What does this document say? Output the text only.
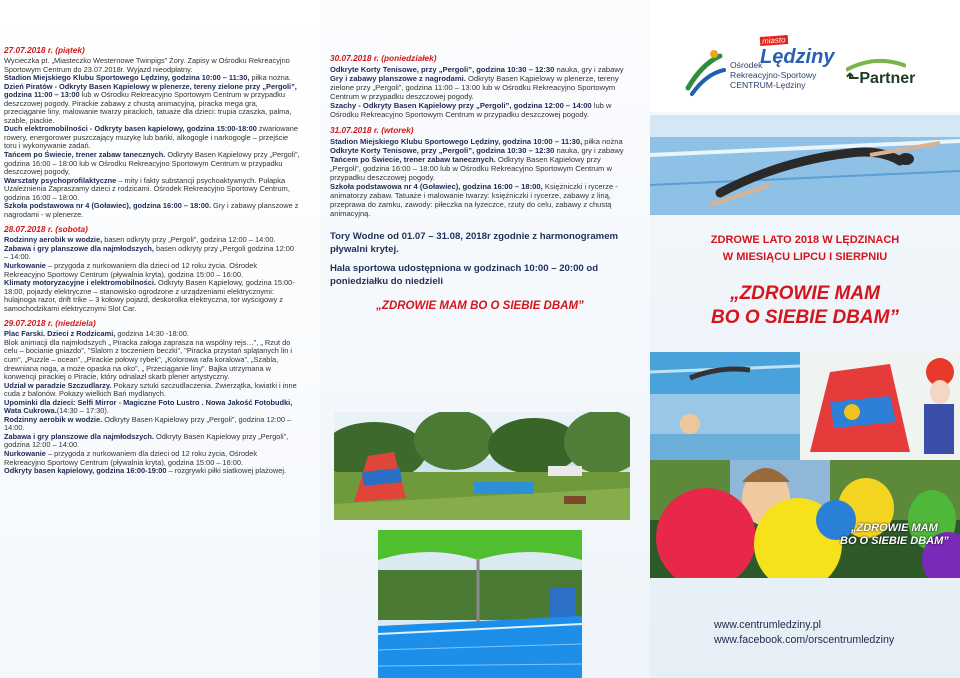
27.07.2018 r. (piątek)

Wycieczka pt. „Miasteczko Westernowe Twinpigs” Żory. Zapisy w Ośrodku Rekreacyjno Sportowym Centrum do 23.07.2018r. Wyjazd nieodpłatny.

Stadion Miejskiego Klubu Sportowego Lędziny, godzina 10:00 – 11:30, piłka nożna.

Dzień Piratów - Odkryty Basen Kąpielowy w plenerze, tereny zielone przy „Pergoli”, godzina 11:00 – 13:00 lub w Ośrodku Rekreacyjno Sportowym Centrum w przypadku deszczowej pogody. Pirackie zabawy z chustą animacyjną, piracka mega gra, przeciąganie liny, malowanie twarzy pirackich, tatuaże dla dzieci: trupia czaszka, palma, szable, piackie.

Duch elektromobilności - Odkryty basen kąpielowy, godzina 15:00-18:00 zwariowane rowery, energorower puszczający muzykę lub bańki, alkogogle i narkogogle – przejście toru i wykonywanie zadań.

Tańcem po Świecie, trener zabaw tanecznych. Odkryty Basen Kąpielowy przy „Pergoli”, godzina 16:00 – 18:00 lub w Ośrodku Rekreacyjno Sportowym Centrum w przypadku deszczowej pogody,

Warsztaty psychoprofilaktyczne – mity i fakty substancji psychoaktywnych. Pułapka Uzależnienia Zapraszamy dzieci z rodzicami. Ośrodek Rekreacyjno Sportowy Centrum, godzina 16:00 – 18:00.

Szkoła podstawowa nr 4 (Goławiec), godzina 16:00 – 18:00. Gry i zabawy planszowe z nagrodami - w plenerze.

28.07.2018 r. (sobota)

Rodzinny aerobik w wodzie, basen odkryty przy „Pergoli”, godzina 12:00 – 14:00.

Zabawa i gry planszowe dla najmłodszych, basen odkryty przy „Pergoli godzina 12:00 – 14:00.

Nurkowanie – przygoda z nurkowaniem dla dzieci od 12 roku życia. Ośrodek Rekreacyjno Sportowy Centrum (pływalnia kryta), godzina 15:00 – 16:00.

Klimaty motoryzacyjne i elektromobilności. Odkryty Basen Kąpielowy, godzina 15:00-18:00, pojazdy elektryczne – stanowisko ogrodzone z urządzeniami elektrycznymi: hulajnoga razor, drift trike – 3 kołowy pojazd, deskorolka elektryczna, tor wyścigowy z samochodzikami elektrycznymi Slot Car.

29.07.2018 r. (niedziela)

Plac Farski. Dzieci z Rodzicami, godzina 14:30 -18:00.

Blok animacji dla najmłodszych „ Piracka załoga zaprasza na wspólny rejs…”, „ Rzut do celu – bocianie gniazdo”, "Slalom z toczeniem beczki", "Piracka przystań splątanych lin i cum", „Puzzle – ocean”, „Pirackie połowy rybek”, „Kolorowa rafa koralowa”, „Szabla, drewniana noga, a może opaska na oko”, „ Przeciąganie liny”. Bajka utrzymana w konwencji pirackiej o Piracie, który odnalazł skarb plener artystyczny.

Udział w paradzie Szczudlarzy. Pokazy sztuki szczudlaczenia. Zwierzątka, kwiatki i inne cuda z balonów. Pokazy wielkich Bań mydlanych.

Upominki dla dzieci: Selfi Mirror - Magiczne Foto Lustro . Nowa Jakość Fotobudki, Wata Cukrowa.(14:30 – 17:30).

Rodzinny aerobik w wodzie. Odkryty Basen Kąpielowy przy „Pergoli”, godzina 12:00 – 14:00.

Zabawa i gry planszowe dla najmłodszych. Odkryty Basen Kąpielowy przy „Pergoli”, godzina 12:00 – 14:00.

Nurkowanie – przygoda z nurkowaniem dla dzieci od 12 roku życia, Ośrodek Rekreacyjno Sportowy Centrum (pływalnia kryta), godzina 15:00 – 16:00.

Odkryty basen kąpielowy, godzina 16:00-19:00 – rozgrywki piłki siatkowej plażowej.

30.07.2018 r. (poniedziałek)

Odkryte Korty Tenisowe, przy „Pergoli”, godzina 10:30 – 12:30 nauka, gry i zabawy

Gry i zabawy planszowe z nagrodami. Odkryty Basen Kąpielowy w plenerze, tereny zielone przy „Pergoli”, godzina 11:00 – 13:00 lub w Ośrodku Rekreacyjno Sportowym Centrum w przypadku deszczowej pogody.

Szachy - Odkryty Basen Kąpielowy przy „Pergoli”, godzina 12:00 – 14:00 lub w Ośrodku Rekreacyjno Sportowym Centrum w przypadku deszczowej pogody.

31.07.2018 r. (wtorek)

Stadion Miejskiego Klubu Sportowego Lędziny, godzina 10:00 – 11:30, piłka nożna

Odkryte Korty Tenisowe, przy „Pergoli”, godzina 10:30 – 12:30 nauka, gry i zabawy

Tańcem po Świecie, trener zabaw tanecznych. Odkryty Basen Kąpielowy przy „Pergoli”, godzina 16:00 – 18:00 lub w Ośrodku Rekreacyjno Sportowym Centrum w przypadku deszczowej pogody.

Szkoła podstawowa nr 4 (Goławiec), godzina 16:00 – 18:00, Księżniczki i rycerze - animatorzy zabaw. Tatuaże i malowanie twarzy: księżniczki i rycerze, zabawy z liną, przeprawa do zamku, zawody: piłeczka na łyżeczce, rzuty do celu, zabawy z chustą animacyjną.

Tory Wodne od 01.07 – 31.08, 2018r zgodnie z harmonogramem pływalni krytej.

Hala sportowa udostępniona w godzinach 10:00 – 20:00 od poniedziałku do niedzieli

„ZDROWIE MAM BO O SIEBIE DBAM”

Ośrodek
Rekreacyjno-Sportowy
CENTRUM-Lędziny
miasto
Lędziny
⬑Partner
ZDROWE LATO 2018 W LĘDZINACH
W MIESIĄCU LIPCU I SIERPNIU
„ZDROWIE MAM
BO O SIEBIE DBAM”
„ZDROWIE MAM
BO O SIEBIE DBAM”
www.centrumledziny.pl
www.facebook.com/orscentrumledziny
